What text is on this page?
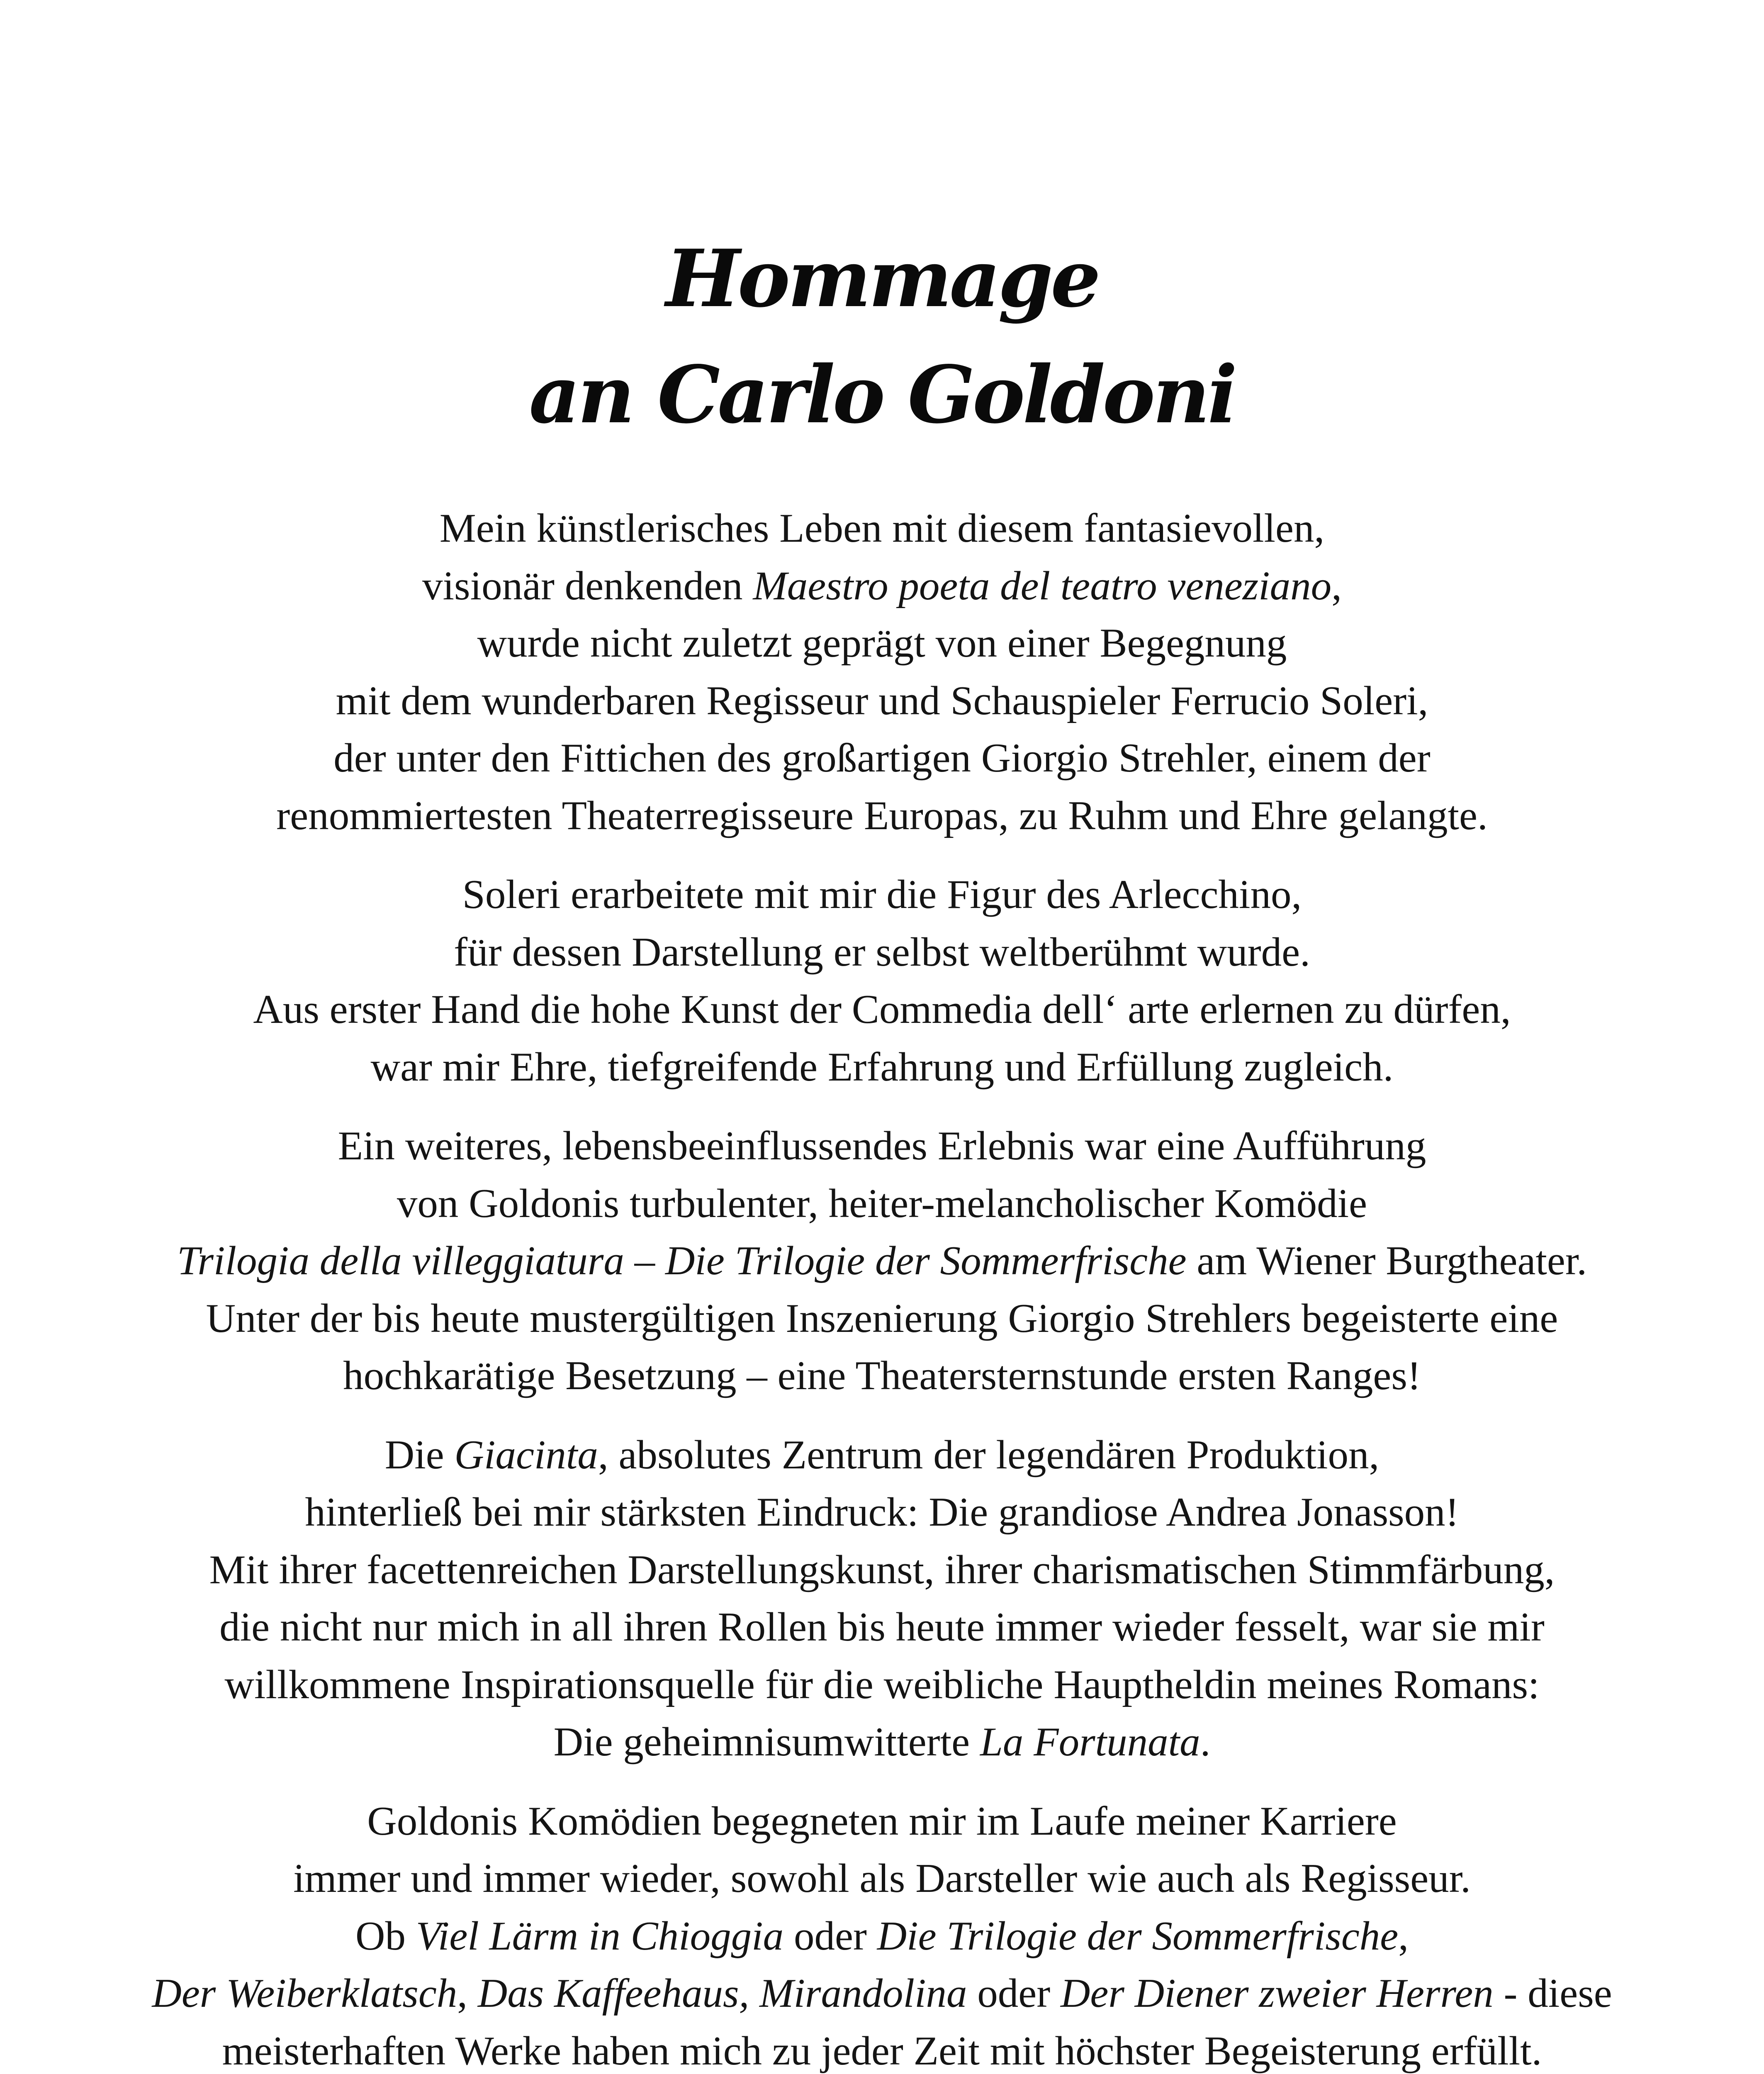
Hommage
an Carlo Goldoni

Mein künstlerisches Leben mit diesem fantasievollen,
visionär denkenden Maestro poeta del teatro veneziano,
wurde nicht zuletzt geprägt von einer Begegnung
mit dem wunderbaren Regisseur und Schauspieler Ferrucio Soleri,
der unter den Fittichen des großartigen Giorgio Strehler, einem der
renommiertesten Theaterregisseure Europas, zu Ruhm und Ehre gelangte.

Soleri erarbeitete mit mir die Figur des Arlecchino,
für dessen Darstellung er selbst weltberühmt wurde.
Aus erster Hand die hohe Kunst der Commedia dell‘ arte erlernen zu dürfen,
war mir Ehre, tiefgreifende Erfahrung und Erfüllung zugleich.

Ein weiteres, lebensbeeinflussendes Erlebnis war eine Aufführung
von Goldonis turbulenter, heiter-melancholischer Komödie
Trilogia della villeggiatura – Die Trilogie der Sommerfrische am Wiener Burgtheater.
Unter der bis heute mustergültigen Inszenierung Giorgio Strehlers begeisterte eine
hochkarätige Besetzung – eine Theatersternstunde ersten Ranges!

Die Giacinta, absolutes Zentrum der legendären Produktion,
hinterließ bei mir stärksten Eindruck: Die grandiose Andrea Jonasson!
Mit ihrer facettenreichen Darstellungskunst, ihrer charismatischen Stimmfärbung,
die nicht nur mich in all ihren Rollen bis heute immer wieder fesselt, war sie mir
willkommene Inspirationsquelle für die weibliche Hauptheldin meines Romans:
Die geheimnisumwitterte La Fortunata.

Goldonis Komödien begegneten mir im Laufe meiner Karriere
immer und immer wieder, sowohl als Darsteller wie auch als Regisseur.
Ob Viel Lärm in Chioggia oder Die Trilogie der Sommerfrische,
Der Weiberklatsch, Das Kaffeehaus, Mirandolina oder Der Diener zweier Herren - diese
meisterhaften Werke haben mich zu jeder Zeit mit höchster Begeisterung erfüllt.
